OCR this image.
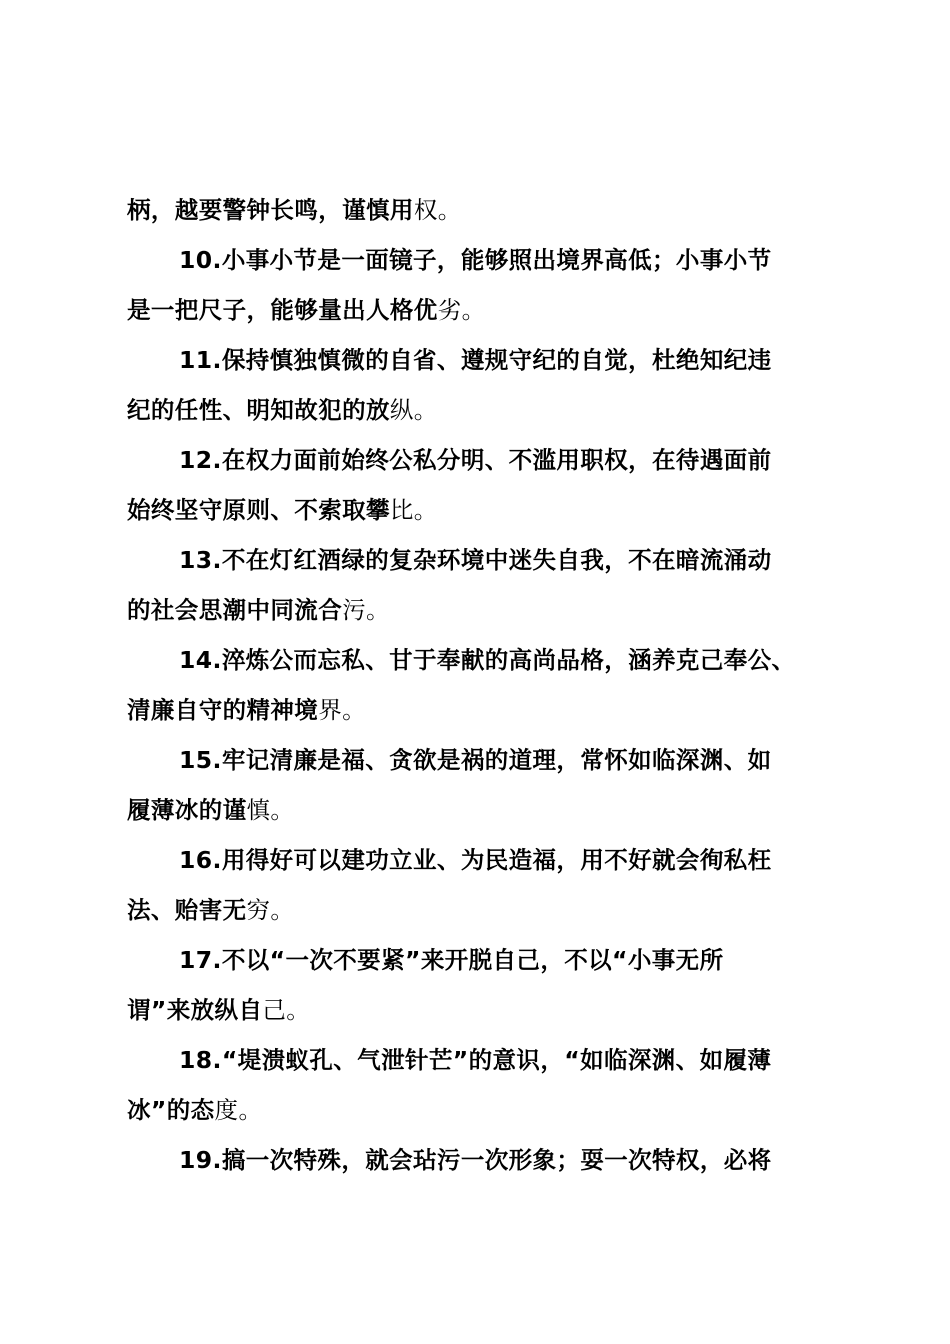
柄，越要警钟长鸣，谨慎用权。
10.小事小节是一面镜子，能够照出境界高低；小事小节
是一把尺子，能够量出人格优劣。
11.保持慎独慎微的自省、遵规守纪的自觉，杜绝知纪违
纪的任性、明知故犯的放纵。
12.在权力面前始终公私分明、不滥用职权，在待遇面前
始终坚守原则、不索取攀比。
13.不在灯红酒绿的复杂环境中迷失自我，不在暗流涌动
的社会思潮中同流合污。
14.淬炼公而忘私、甘于奉献的高尚品格，涵养克己奉公、
清廉自守的精神境界。
15.牢记清廉是福、贪欲是祸的道理，常怀如临深渊、如
履薄冰的谨慎。
16.用得好可以建功立业、为民造福，用不好就会徇私枉
法、贻害无穷。
17.不以“一次不要紧”来开脱自己，不以“小事无所
谓”来放纵自己。
18.“堤溃蚁孔、气泄针芒”的意识，“如临深渊、如履薄
冰”的态度。
19.搞一次特殊，就会玷污一次形象；耍一次特权，必将
